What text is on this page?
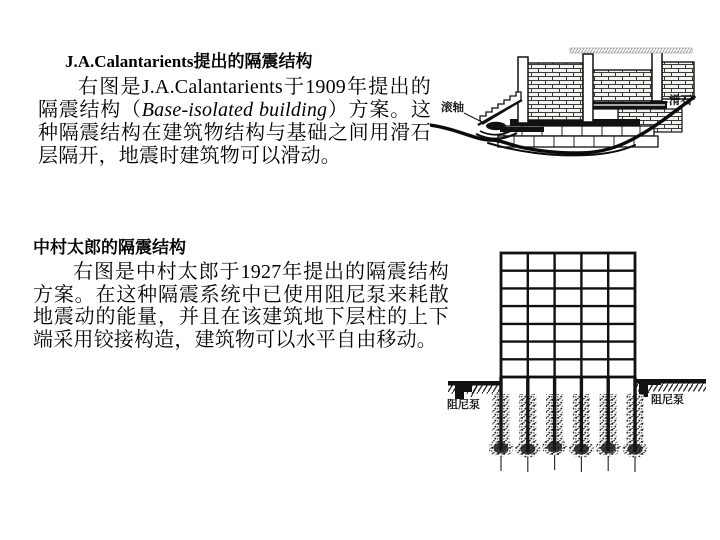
J.A.Calantarients提出的隔震结构
右图是J.A.Calantarients于1909年提出的隔震结构（Base-isolated building）方案。这种隔震结构在建筑物结构与基础之间用滑石层隔开，地震时建筑物可以滑动。
中村太郎的隔震结构
右图是中村太郎于1927年提出的隔震结构方案。在这种隔震系统中已使用阻尼泵来耗散地震动的能量，并且在该建筑地下层柱的上下端采用铰接构造，建筑物可以水平自由移动。
滚轴
滑石
阻尼泵	阻尼泵
